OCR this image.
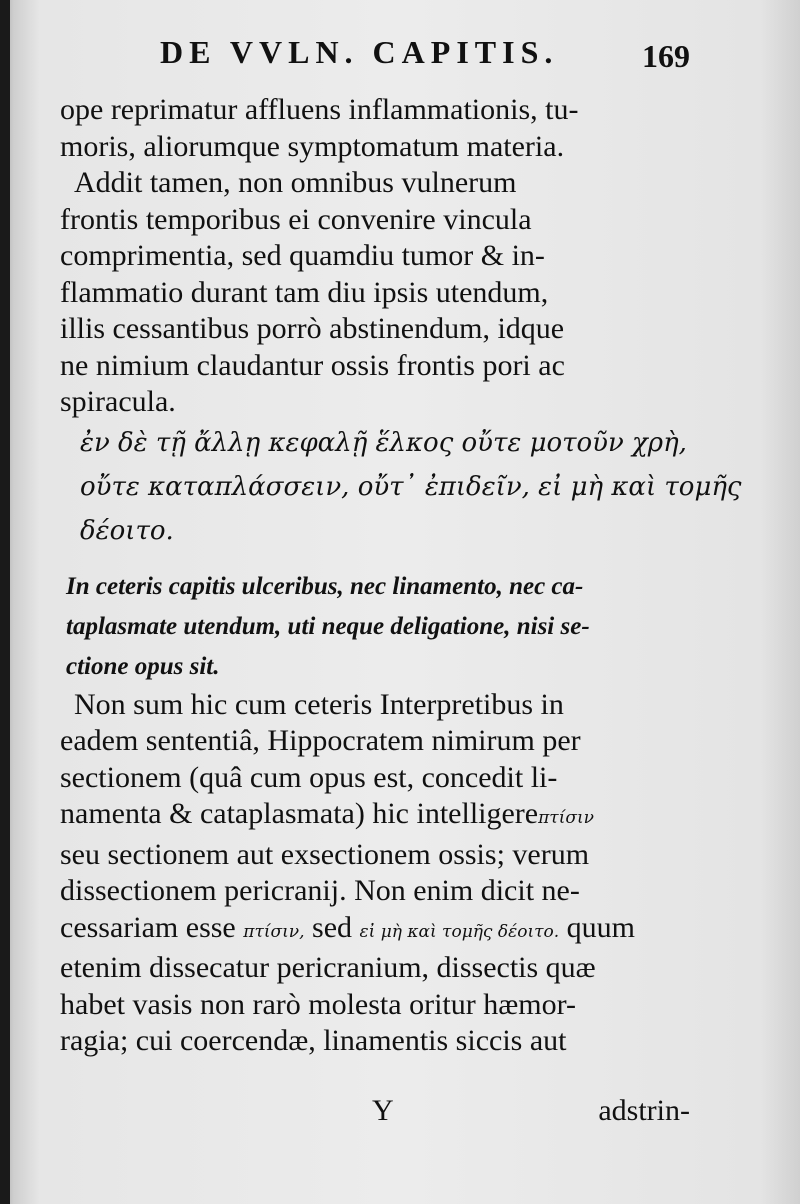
DE VVLN. CAPITIS.	169
ope reprimatur affluens inflammationis, tu-
moris, aliorumque symptomatum materia.
Addit tamen, non omnibus vulnerum
frontis temporibus ei convenire vincula
comprimentia, sed quamdiu tumor & in-
flammatio durant tam diu ipsis utendum,
illis cessantibus porrò abstinendum, idque
ne nimium claudantur ossis frontis pori ac
spiracula.
ἐν δὲ τῇ ἄλλῃ κεφαλῇ ἕλκος οὔτε μοτοῦν χρὴ,
οὔτε καταπλάσσειν, οὔτ᾽ ἐπιδεῖν, εἰ μὴ καὶ τομῆς
δέοιτο.
In ceteris capitis ulceribus, nec linamento, nec ca-
taplasmate utendum, uti neque deligatione, nisi se-
ctione opus sit.
Non sum hic cum ceteris Interpretibus in
eadem sententiâ, Hippocratem nimirum per
sectionem (quâ cum opus est, concedit li-
namenta & cataplasmata) hic intelligereπτίσιν
seu sectionem aut exsectionem ossis; verum
dissectionem pericranij. Non enim dicit ne-
cessariam esse πτίσιν, sed εἰ μὴ καὶ τομῆς δέοιτο. quum
etenim dissecatur pericranium, dissectis quæ
habet vasis non rarò molesta oritur hæmor-
ragia; cui coercendæ, linamentis siccis aut
Y	adstrin-
